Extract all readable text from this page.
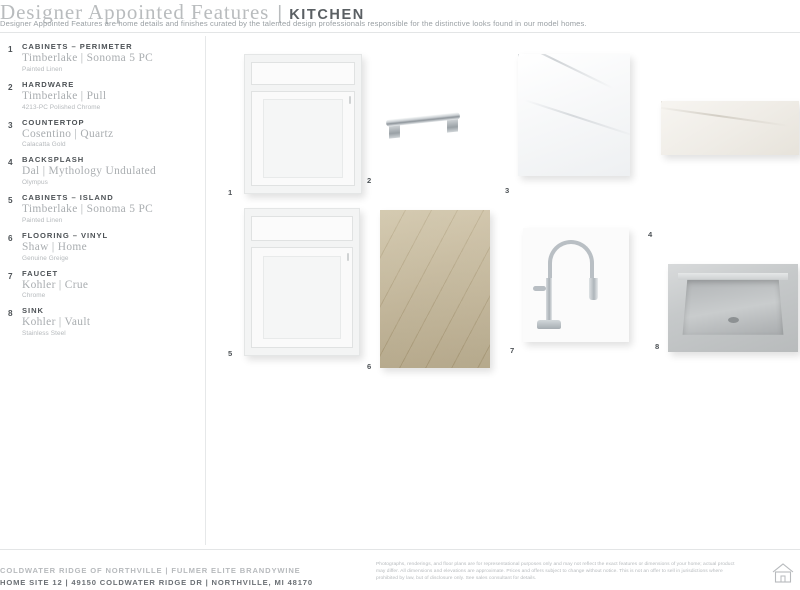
Designer Appointed Features | KITCHEN
Designer Appointed Features are home details and finishes curated by the talented design professionals responsible for the distinctive looks found in our model homes.
1 CABINETS – PERIMETER
Timberlake | Sonoma 5 PC
Painted Linen
2 HARDWARE
Timberlake | Pull
4213-PC Polished Chrome
3 COUNTERTOP
Cosentino | Quartz
Calacatta Gold
4 BACKSPLASH
Dal | Mythology Undulated
Olympus
5 CABINETS – ISLAND
Timberlake | Sonoma 5 PC
Painted Linen
6 FLOORING – VINYL
Shaw | Home
Genuine Greige
7 FAUCET
Kohler | Crue
Chrome
8 SINK
Kohler | Vault
Stainless Steel
1
2
3
4
5
6
7	8
COLDWATER RIDGE OF NORTHVILLE | FULMER ELITE BRANDYWINE
HOME SITE 12 | 49150 COLDWATER RIDGE DR | NORTHVILLE, MI 48170
Photographs, renderings, and floor plans are for representational purposes only and may not reflect the exact features or dimensions of your home; actual product may differ. All dimensions and elevations are approximate. Prices and offers subject to change without notice. This is not an offer to sell in jurisdictions where prohibited by law, but of disclosure only. See sales consultant for details.
